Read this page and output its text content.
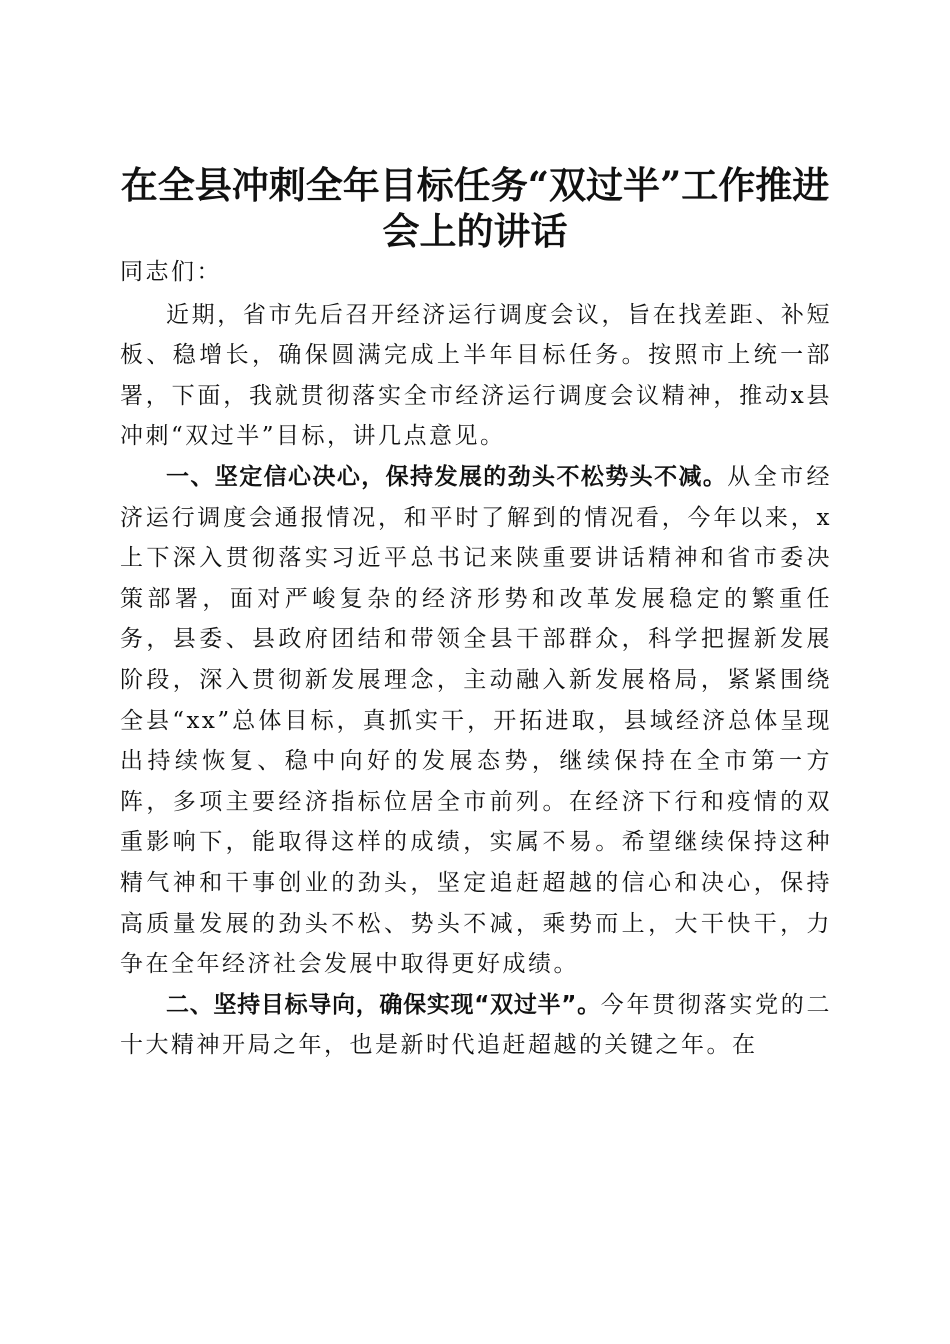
在全县冲刺全年目标任务“双过半”工作推进
会上的讲话

同志们：

近期，省市先后召开经济运行调度会议，旨在找差距、补短板、稳增长，确保圆满完成上半年目标任务。按照市上统一部署，下面，我就贯彻落实全市经济运行调度会议精神，推动x县冲刺“双过半”目标，讲几点意见。

一、坚定信心决心，保持发展的劲头不松势头不减。从全市经济运行调度会通报情况，和平时了解到的情况看，今年以来，x上下深入贯彻落实习近平总书记来陕重要讲话精神和省市委决策部署，面对严峻复杂的经济形势和改革发展稳定的繁重任务，县委、县政府团结和带领全县干部群众，科学把握新发展阶段，深入贯彻新发展理念，主动融入新发展格局，紧紧围绕全县“xx”总体目标，真抓实干，开拓进取，县域经济总体呈现出持续恢复、稳中向好的发展态势，继续保持在全市第一方阵，多项主要经济指标位居全市前列。在经济下行和疫情的双重影响下，能取得这样的成绩，实属不易。希望继续保持这种精气神和干事创业的劲头，坚定追赶超越的信心和决心，保持高质量发展的劲头不松、势头不减，乘势而上，大干快干，力争在全年经济社会发展中取得更好成绩。

二、坚持目标导向，确保实现“双过半”。今年贯彻落实党的二十大精神开局之年，也是新时代追赶超越的关键之年。在
